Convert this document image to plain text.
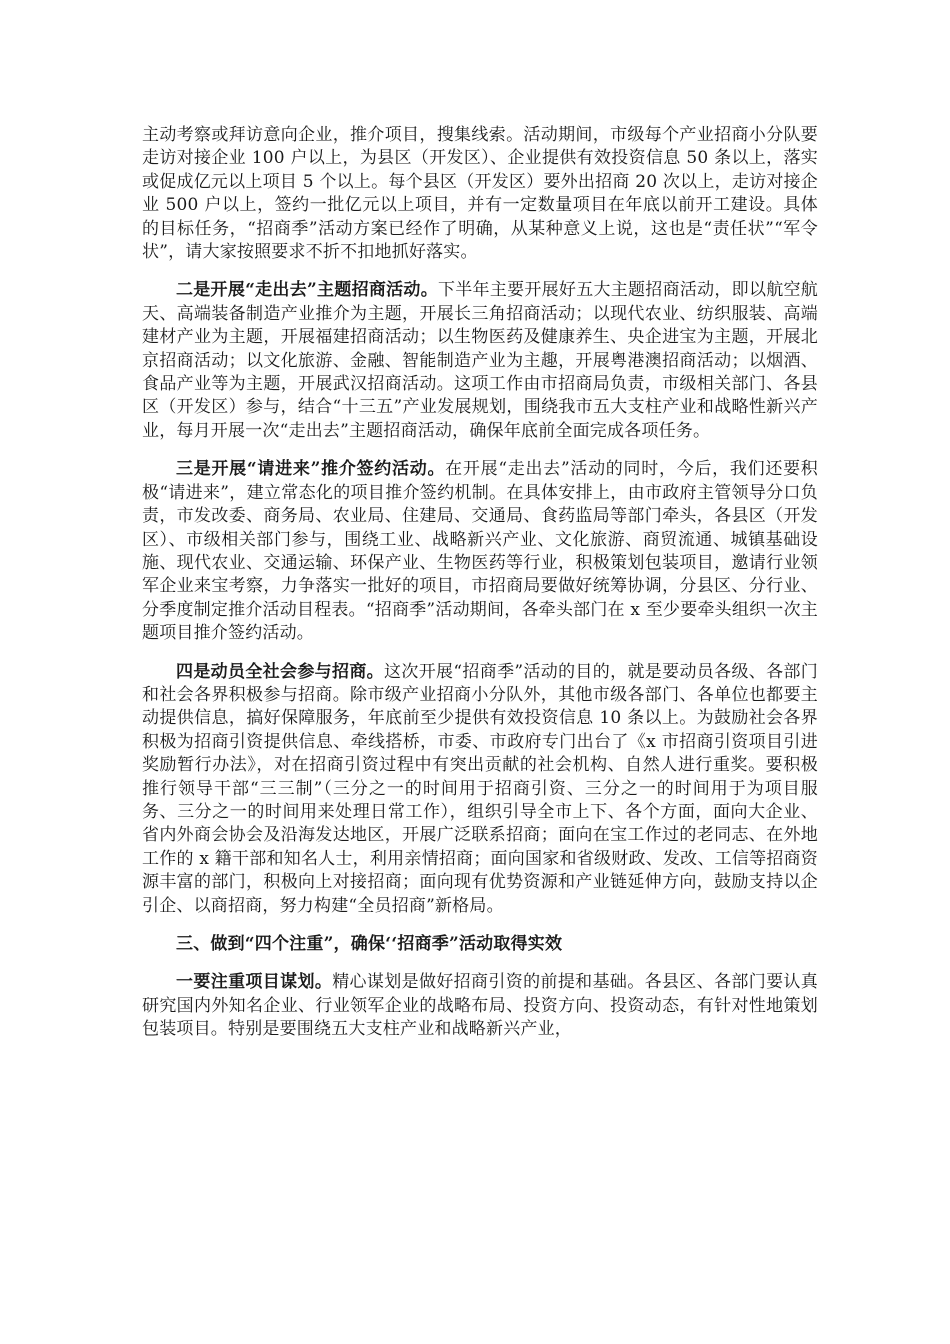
主动考察或拜访意向企业，推介项目，搜集线索。活动期间，市级每个产业招商小分队要走访对接企业 100 户以上，为县区（开发区）、企业提供有效投资信息 50 条以上，落实或促成亿元以上项目 5 个以上。每个县区（开发区）要外出招商 20 次以上，走访对接企业 500 户以上，签约一批亿元以上项目，并有一定数量项目在年底以前开工建设。具体的目标任务，“招商季”活动方案已经作了明确，从某种意义上说，这也是“责任状”“军令状”，请大家按照要求不折不扣地抓好落实。

二是开展“走出去”主题招商活动。下半年主要开展好五大主题招商活动，即以航空航天、高端装备制造产业推介为主题，开展长三角招商活动；以现代农业、纺织服装、高端建材产业为主题，开展福建招商活动；以生物医药及健康养生、央企进宝为主题，开展北京招商活动；以文化旅游、金融、智能制造产业为主趣，开展粤港澳招商活动；以烟酒、食品产业等为主题，开展武汉招商活动。这项工作由市招商局负责，市级相关部门、各县区（开发区）参与，结合“十三五”产业发展规划，围绕我市五大支柱产业和战略性新兴产业，每月开展一次“走出去”主题招商活动，确保年底前全面完成各项任务。

三是开展“请进来”推介签约活动。在开展“走出去”活动的同时，今后，我们还要积极“请进来”，建立常态化的项目推介签约机制。在具体安排上，由市政府主管领导分口负责，市发改委、商务局、农业局、住建局、交通局、食药监局等部门牵头，各县区（开发区）、市级相关部门参与，围绕工业、战略新兴产业、文化旅游、商贸流通、城镇基础设施、现代农业、交通运输、环保产业、生物医药等行业，积极策划包装项目，邀请行业领军企业来宝考察，力争落实一批好的项目，市招商局要做好统筹协调，分县区、分行业、分季度制定推介活动目程表。“招商季”活动期间，各牵头部门在 x 至少要牵头组织一次主题项目推介签约活动。

四是动员全社会参与招商。这次开展“招商季”活动的目的，就是要动员各级、各部门和社会各界积极参与招商。除市级产业招商小分队外，其他市级各部门、各单位也都要主动提供信息，搞好保障服务，年底前至少提供有效投资信息 10 条以上。为鼓励社会各界积极为招商引资提供信息、牵线搭桥，市委、市政府专门出台了《x 市招商引资项目引进奖励暂行办法》，对在招商引资过程中有突出贡献的社会机构、自然人进行重奖。要积极推行领导干部“三三制”（三分之一的时间用于招商引资、三分之一的时间用于为项目服务、三分之一的时间用来处理日常工作），组织引导全市上下、各个方面，面向大企业、省内外商会协会及沿海发达地区，开展广泛联系招商；面向在宝工作过的老同志、在外地工作的 x 籍干部和知名人士，利用亲情招商；面向国家和省级财政、发改、工信等招商资源丰富的部门，积极向上对接招商；面向现有优势资源和产业链延伸方向，鼓励支持以企引企、以商招商，努力构建“全员招商”新格局。

三、做到“四个注重”，确保‘‘招商季”活动取得实效

一要注重项目谋划。精心谋划是做好招商引资的前提和基础。各县区、各部门要认真研究国内外知名企业、行业领军企业的战略布局、投资方向、投资动态，有针对性地策划包装项目。特别是要围绕五大支柱产业和战略新兴产业，
